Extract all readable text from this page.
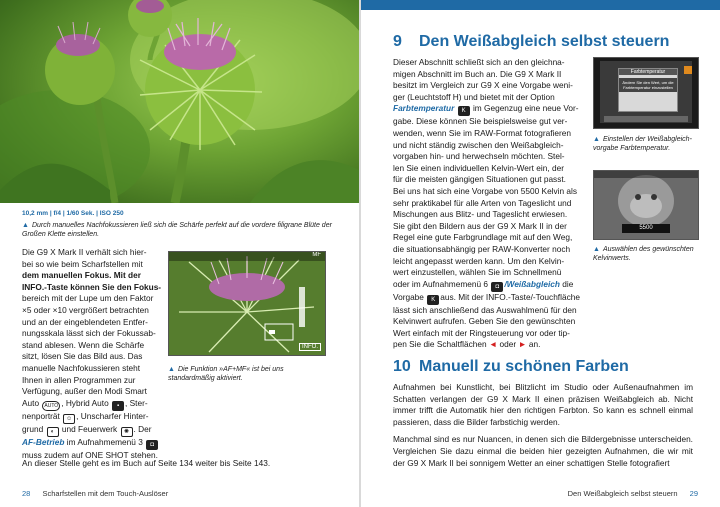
10,2 mm | f/4 | 1/60 Sek. | ISO 250
▲ Durch manuelles Nachfokussieren ließ sich die Schärfe perfekt auf die vordere filigrane Blüte der Großen Klette einstellen.

Die G9 X Mark II verhält sich hier-

bei so wie beim Scharfstellen mit

dem manuellen Fokus. Mit der

INFO.-Taste können Sie den Fokus-

bereich mit der Lupe um den Faktor

×5 oder ×10 vergrößert betrachten

und an der eingeblendeten Entfer-

nungsskala lässt sich der Fokussab-

stand ablesen. Wenn die Schärfe

sitzt, lösen Sie das Bild aus. Das

manuelle Nachfokussieren steht

Ihnen in allen Programmen zur

Verfügung, außer den Modi Smart

Auto AUTO , Hybrid Auto ▪ , Ster-

nenporträt ☺ , Unscharfer Hinter-

grund ◐ und Feuerwerk ✺ . Der

AF-Betrieb im Aufnahmemenü 3 ◘

muss zudem auf ONE SHOT stehen.

MF
INFO.
▲ Die Funktion »AF+MF« ist bei uns standardmäßig aktiviert.
An dieser Stelle geht es im Buch auf Seite 134 weiter bis Seite 143.
28 Scharfstellen mit dem Touch-Auslöser
9 Den Weißabgleich selbst steuern

Dieser Abschnitt schließt sich an den gleichna-

migen Abschnitt im Buch an. Die G9 X Mark II

besitzt im Vergleich zur G9 X eine Vorgabe weni-

ger (Leuchtstoff H) und bietet mit der Option

Farbtemperatur K im Gegenzug eine neue Vor-

gabe. Diese können Sie beispielsweise gut ver-

wenden, wenn Sie im RAW-Format fotografieren

und nicht ständig zwischen den Weißabgleich-

vorgaben hin- und herwechseln möchten. Stel-

len Sie einen individuellen Kelvin-Wert ein, der

für die meisten gängigen Situationen gut passt.

Bei uns hat sich eine Vorgabe von 5500 Kelvin als

sehr praktikabel für alle Arten von Tageslicht und

Mischungen aus Blitz- und Tageslicht erwiesen.

Sie gibt den Bildern aus der G9 X Mark II in der

Regel eine gute Farbgrundlage mit auf den Weg,

die situationsabhängig per RAW-Konverter noch

leicht angepasst werden kann. Um den Kelvin-

wert einzustellen, wählen Sie im Schnellmenü

oder im Aufnahmemenü 6 ◘ /Weißabgleich die

Vorgabe K aus. Mit der INFO.-Taste/-Touchfläche

lässt sich anschließend das Auswahlmenü für den

Kelvinwert aufrufen. Geben Sie den gewünschten

Wert einfach mit der Ringsteuerung vor oder tip-

pen Sie die Schaltflächen ◄ oder ► an.

Farbtemperatur
Ändern Sie den Wert, um die Farbtemperatur einzustellen
▲ Einstellen der Weißabgleich-vorgabe Farbtemperatur.
5500
▲ Auswählen des gewünschten Kelvinwerts.
10 Manuell zu schönen Farben

Aufnahmen bei Kunstlicht, bei Blitzlicht im Studio oder Außenaufnahmen im Schatten verlangen der G9 X Mark II einen präzisen Weißabgleich ab. Nicht immer trifft die Automatik hier den richtigen Farbton. So kann es schnell einmal passieren, dass die Bilder farbstichig werden.

Manchmal sind es nur Nuancen, in denen sich die Bildergebnisse unterscheiden. Vergleichen Sie dazu einmal die beiden hier gezeigten Aufnahmen, die wir mit der G9 X Mark II bei sonnigem Wetter an einer schattigen Stelle fotografiert

Den Weißabgleich selbst steuern 29
